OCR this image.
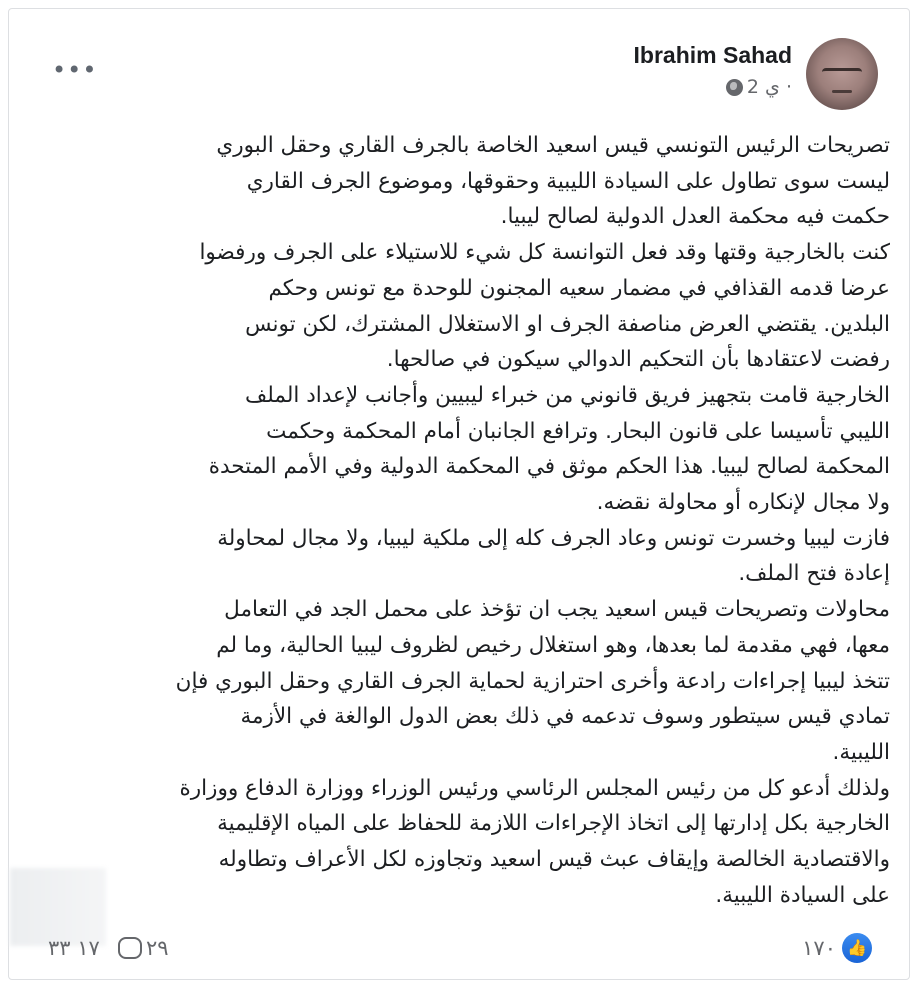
Ibrahim Sahad
2 ي ·
•••
تصريحات الرئيس التونسي قيس اسعيد الخاصة بالجرف القاري وحقل البوري
ليست سوى تطاول على السيادة الليبية وحقوقها، وموضوع الجرف القاري
حكمت فيه محكمة العدل الدولية لصالح ليبيا.
كنت بالخارجية وقتها وقد فعل التوانسة كل شيء للاستيلاء على الجرف ورفضوا
عرضا قدمه القذافي في مضمار سعيه المجنون للوحدة مع تونس وحكم
البلدين. يقتضي العرض مناصفة الجرف او الاستغلال المشترك، لكن تونس
رفضت لاعتقادها بأن التحكيم الدوالي سيكون في صالحها.
الخارجية قامت بتجهيز فريق قانوني من خبراء ليبيين وأجانب لإعداد الملف
الليبي تأسيسا على قانون البحار. وترافع الجانبان أمام المحكمة وحكمت
المحكمة لصالح ليبيا. هذا الحكم موثق في المحكمة الدولية وفي الأمم المتحدة
ولا مجال لإنكاره أو محاولة نقضه.
فازت ليبيا وخسرت تونس وعاد الجرف كله إلى ملكية ليبيا، ولا مجال لمحاولة
إعادة فتح الملف.
محاولات وتصريحات قيس اسعيد يجب ان تؤخذ على محمل الجد في التعامل
معها، فهي مقدمة لما بعدها، وهو استغلال رخيص لظروف ليبيا الحالية، وما لم
تتخذ ليبيا إجراءات رادعة وأخرى احترازية لحماية الجرف القاري وحقل البوري فإن
تمادي قيس سيتطور وسوف تدعمه في ذلك بعض الدول الوالغة في الأزمة
الليبية.
ولذلك أدعو كل من رئيس المجلس الرئاسي ورئيس الوزراء ووزارة الدفاع ووزارة
الخارجية بكل إدارتها إلى اتخاذ الإجراءات اللازمة للحفاظ على المياه الإقليمية
والاقتصادية الخالصة وإيقاف عبث قيس اسعيد وتجاوزه لكل الأعراف وتطاوله
على السيادة الليبية.
👍
١٧٠
٢٩
١٧ ٣٣
